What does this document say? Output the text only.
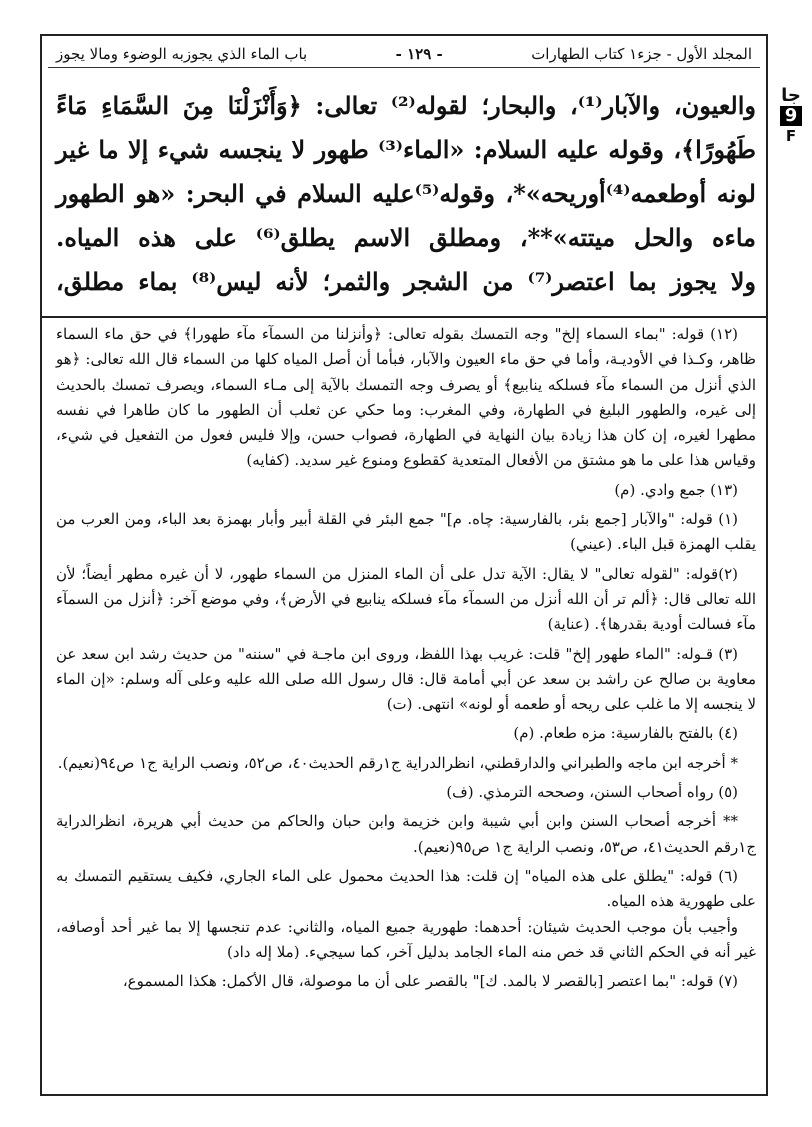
المجلد الأول - جزء١ كتاب الطهارات
- ١٢٩ -
باب الماء الذي يجوزبه الوضوء ومالا يجوز
جا
9
F

والعيون، والآبار⁽¹⁾، والبحار؛ لقوله⁽²⁾ تعالى: ﴿وَأَنْزَلْنَا مِنَ السَّمَاءِ مَاءً

طَهُورًا﴾، وقوله عليه السلام: «الماء⁽³⁾ طهور لا ينجسه شيء إلا ما غير

لونه أوطعمه⁽⁴⁾أوريحه»*، وقوله⁽⁵⁾عليه السلام في البحر: «هو الطهور

ماءه والحل ميتته»**، ومطلق الاسم يطلق⁽⁶⁾ على هذه المياه.

ولا يجوز بما اعتصر⁽⁷⁾ من الشجر والثمر؛ لأنه ليس⁽⁸⁾ بماء مطلق،

(١٢) قوله: "بماء السماء إلخ" وجه التمسك بقوله تعالى: ﴿وأنزلنا من السمآء مآء طهورا﴾ في حق ماء السماء ظاهر، وكـذا في الأوديـة، وأما في حق ماء العيون والآبار، فبأما أن أصل المياه كلها من السماء قال الله تعالى: ﴿هو الذي أنزل من السماء مآء فسلكه ينابيع﴾ أو يصرف وجه التمسك بالآية إلى مـاء السماء، ويصرف تمسك بالحديث إلى غيره، والطهور البليغ في الطهارة، وفي المغرب: وما حكي عن ثعلب أن الطهور ما كان طاهرا في نفسه مطهرا لغيره، إن كان هذا زيادة بيان النهاية في الطهارة، فصواب حسن، وإلا فليس فعول من التفعيل في شيء، وقياس هذا على ما هو مشتق من الأفعال المتعدية كقطوع ومنوع غير سديد. (كفايه)

(١٣) جمع وادي. (م)

(١) قوله: "والآبار [جمع بئر، بالفارسية: چاه. م]" جمع البئر في القلة أبير وأبار بهمزة بعد الباء، ومن العرب من يقلب الهمزة قبل الباء. (عيني)

(٢)قوله: "لقوله تعالى" لا يقال: الآية تدل على أن الماء المنزل من السماء طهور، لا أن غيره مطهر أيضاً؛ لأن الله تعالى قال: ﴿ألم تر أن الله أنزل من السمآء مآء فسلكه ينابيع في الأرض﴾، وفي موضع آخر: ﴿أنزل من السمآء مآء فسالت أودية بقدرها﴾. (عناية)

(٣) قـوله: "الماء طهور إلخ" قلت: غريب بهذا اللفظ، وروى ابن ماجـة في "سننه" من حديث رشد ابن سعد عن معاوية بن صالح عن راشد بن سعد عن أبي أمامة قال: قال رسول الله صلى الله عليه وعلى آله وسلم: «إن الماء لا ينجسه إلا ما غلب على ريحه أو طعمه أو لونه» انتهى. (ت)

(٤) بالفتح بالفارسية: مزه طعام. (م)

* أخرجه ابن ماجه والطبراني والدارقطني، انظرالدراية ج١رقم الحديث٤٠، ص٥٢، ونصب الراية ج١ ص٩٤(نعيم).

(٥) رواه أصحاب السنن، وصححه الترمذي. (ف)

** أخرجه أصحاب السنن وابن أبي شيبة وابن خزيمة وابن حبان والحاكم من حديث أبي هريرة، انظرالدراية ج١رقم الحديث٤١، ص٥٣، ونصب الراية ج١ ص٩٥(نعيم).

(٦) قوله: "يطلق على هذه المياه" إن قلت: هذا الحديث محمول على الماء الجاري، فكيف يستقيم التمسك به على طهورية هذه المياه.

وأجيب بأن موجب الحديث شيئان: أحدهما: طهورية جميع المياه، والثاني: عدم تنجسها إلا بما غير أحد أوصافه، غير أنه في الحكم الثاني قد خص منه الماء الجامد بدليل آخر، كما سيجيء. (ملا إله داد)

(٧) قوله: "بما اعتصر [بالقصر لا بالمد. ك]" بالقصر على أن ما موصولة، قال الأكمل: هكذا المسموع،
